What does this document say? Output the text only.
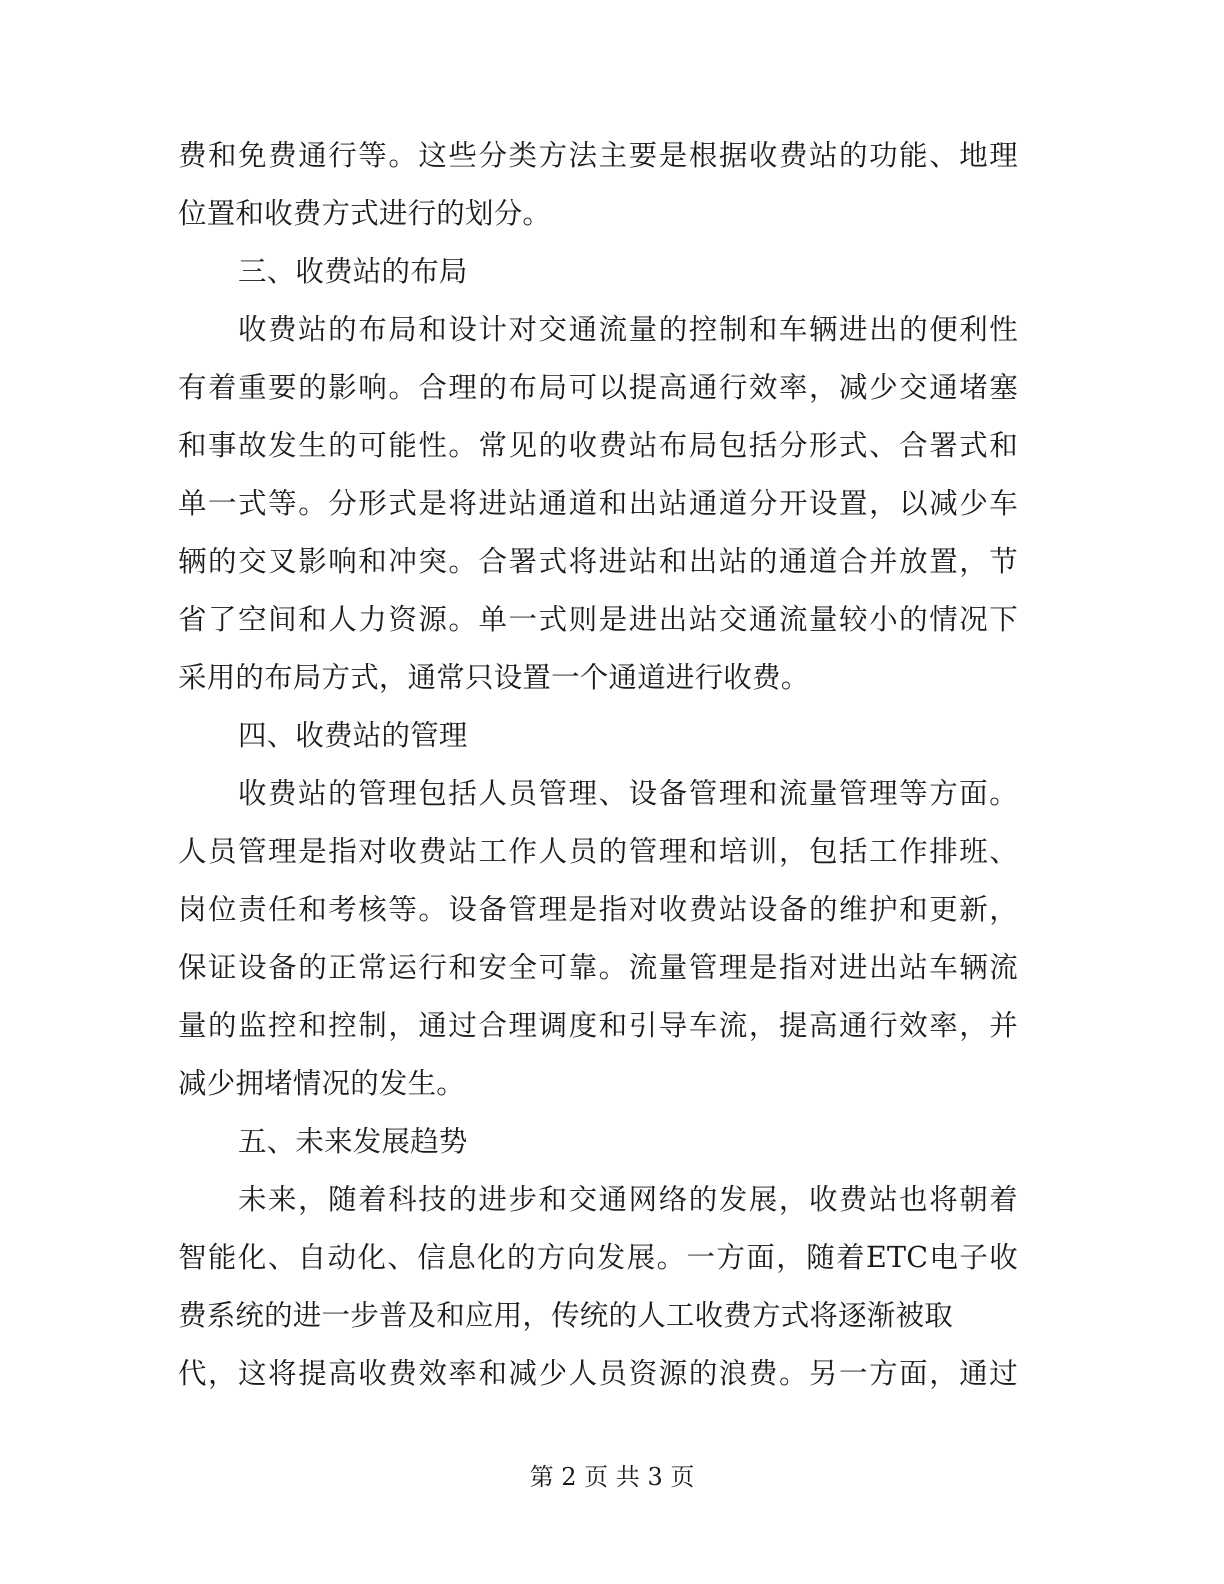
费和免费通行等。这些分类方法主要是根据收费站的功能、地理
位置和收费方式进行的划分。
三、收费站的布局
收费站的布局和设计对交通流量的控制和车辆进出的便利性
有着重要的影响。合理的布局可以提高通行效率，减少交通堵塞
和事故发生的可能性。常见的收费站布局包括分形式、合署式和
单一式等。分形式是将进站通道和出站通道分开设置，以减少车
辆的交叉影响和冲突。合署式将进站和出站的通道合并放置，节
省了空间和人力资源。单一式则是进出站交通流量较小的情况下
采用的布局方式，通常只设置一个通道进行收费。
四、收费站的管理
收费站的管理包括人员管理、设备管理和流量管理等方面。
人员管理是指对收费站工作人员的管理和培训，包括工作排班、
岗位责任和考核等。设备管理是指对收费站设备的维护和更新，
保证设备的正常运行和安全可靠。流量管理是指对进出站车辆流
量的监控和控制，通过合理调度和引导车流，提高通行效率，并
减少拥堵情况的发生。
五、未来发展趋势
未来，随着科技的进步和交通网络的发展，收费站也将朝着
智能化、自动化、信息化的方向发展。一方面，随着ETC电子收
费系统的进一步普及和应用，传统的人工收费方式将逐渐被取
代，这将提高收费效率和减少人员资源的浪费。另一方面，通过
第 2 页 共 3 页
